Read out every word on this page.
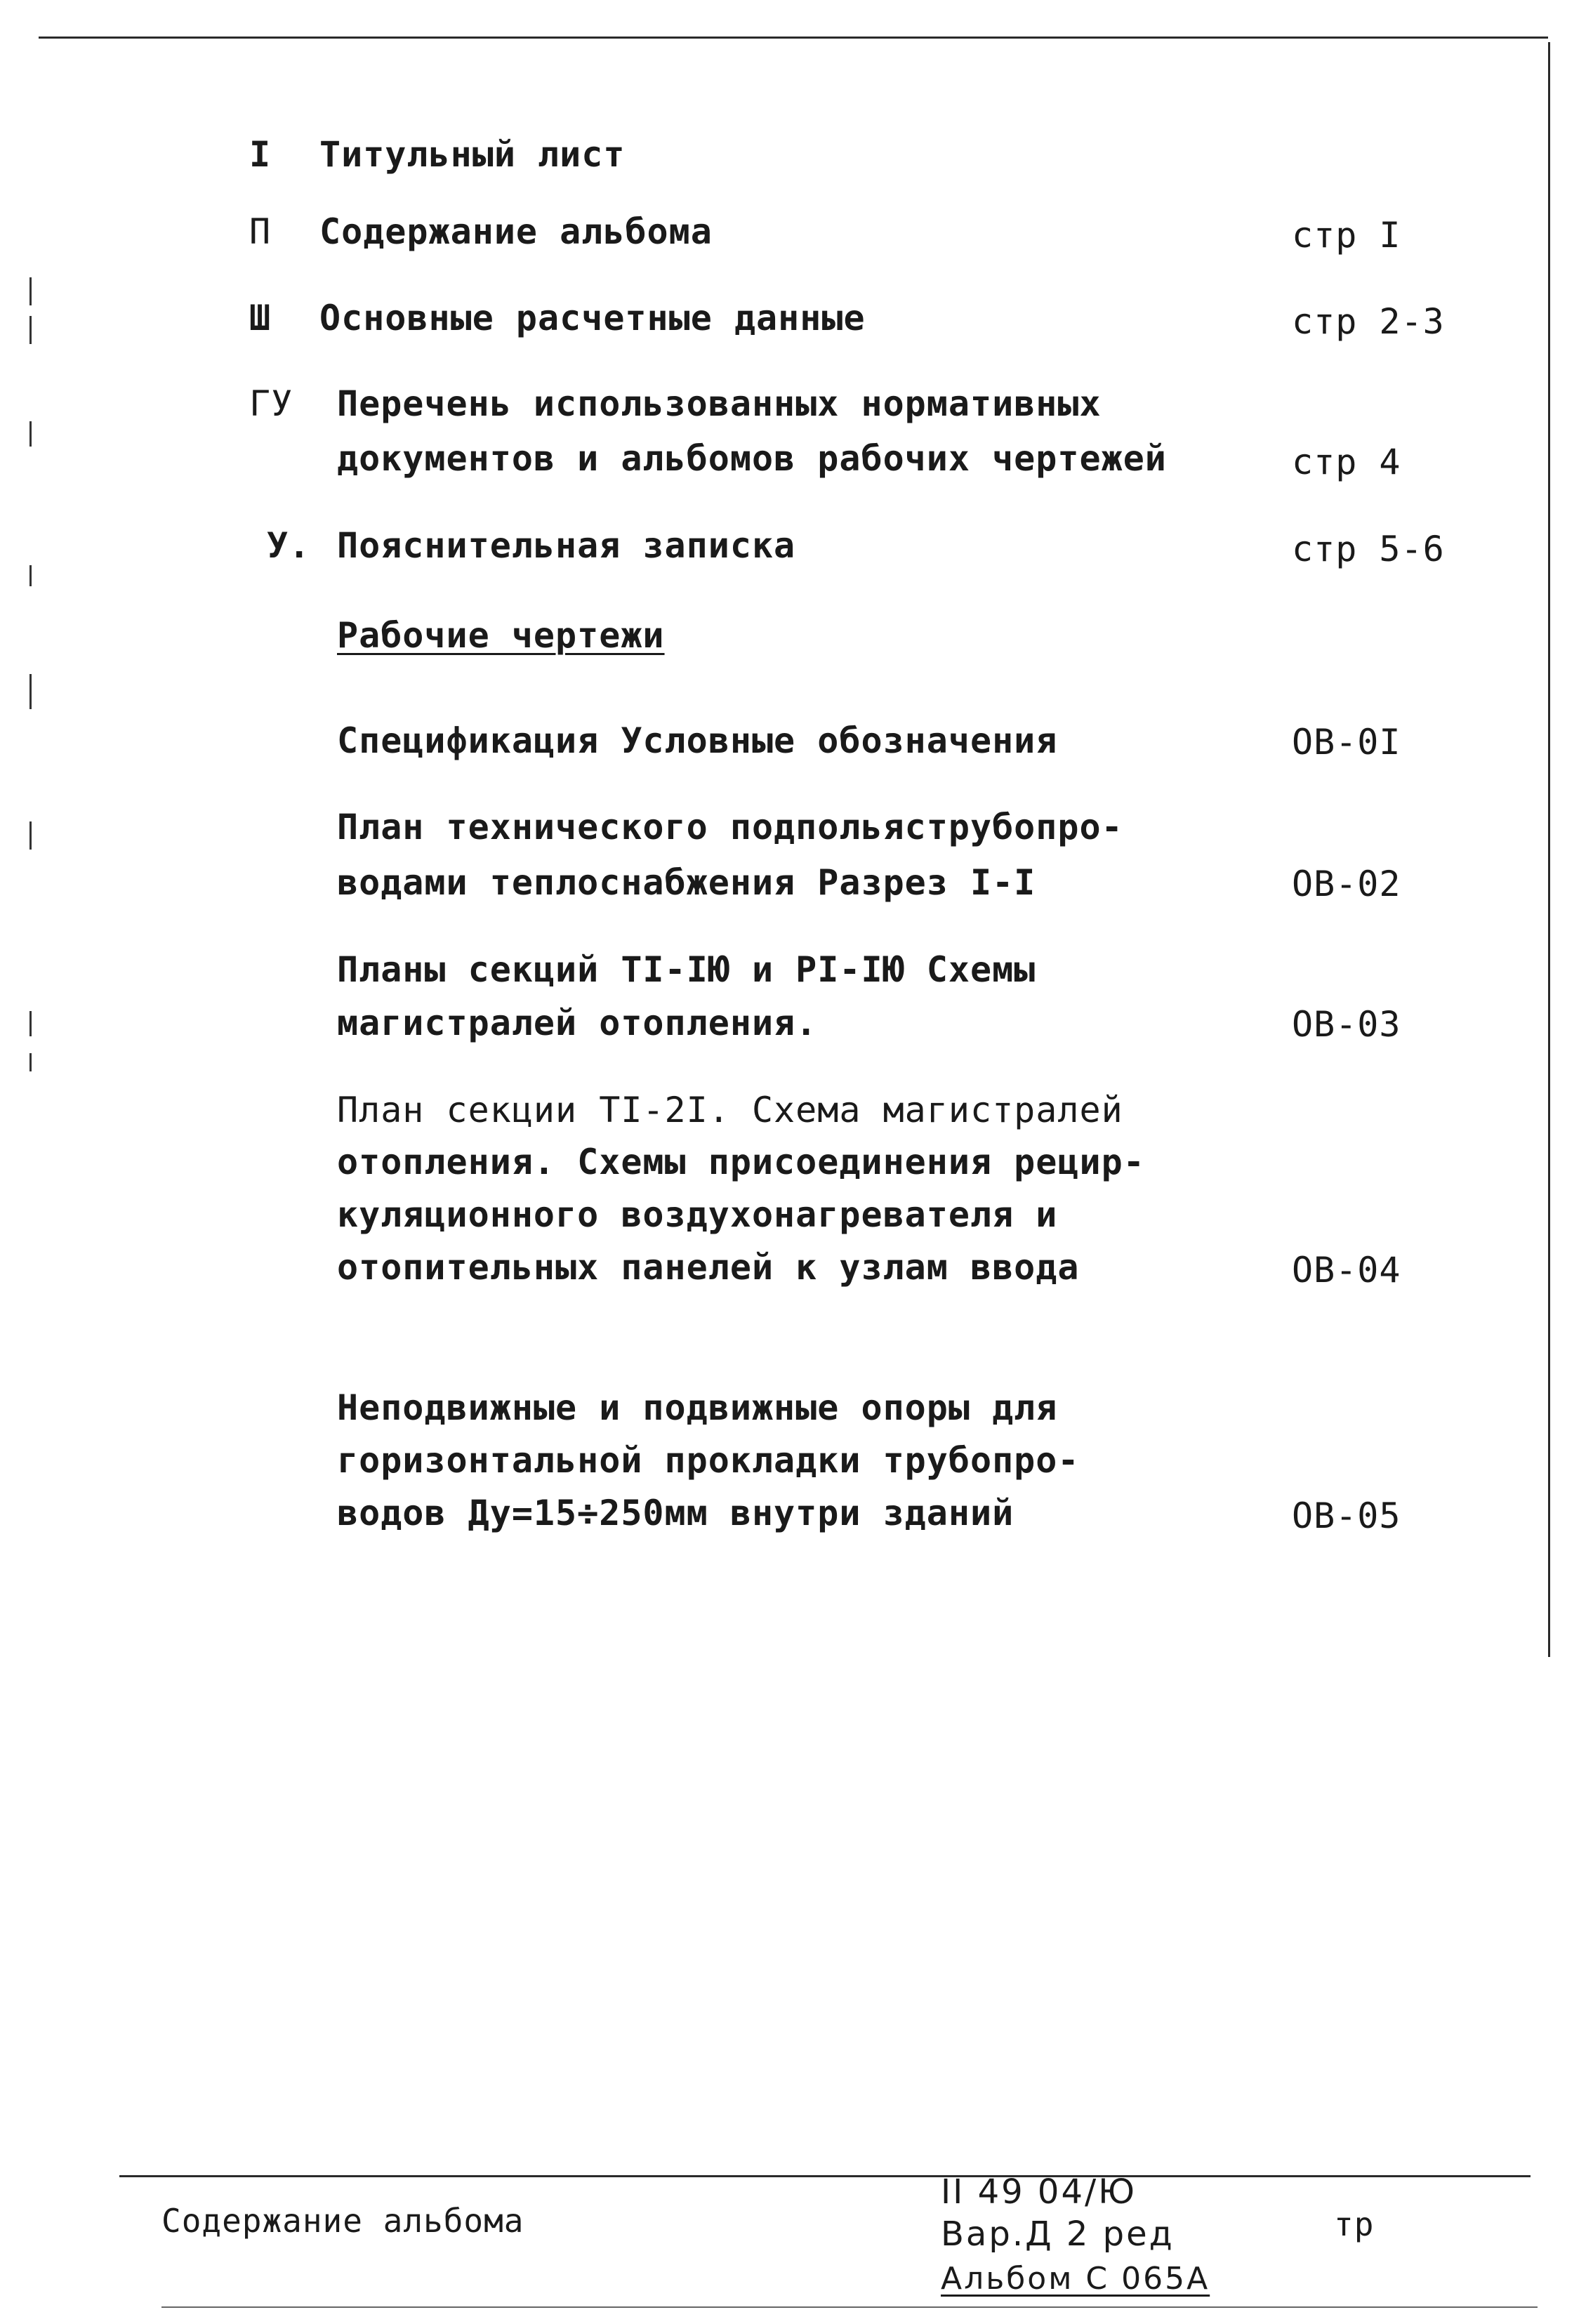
I Титульный лист
П Содержание альбома	стр I
Ш Основные расчетные данные	стр 2-3
ГУ Перечень использованных нормативных
документов и альбомов рабочих чертежей	стр 4
У. Пояснительная записка	стр 5-6
Рабочие чертежи
Спецификация Условные обозначения	ОВ-0I
План технического подпольяструбопро-
водами теплоснабжения Разрез I-I	ОВ-02
Планы секций ТI-IЮ и РI-IЮ Схемы
магистралей отопления.	ОВ-03
План секции ТI-2I. Схема магистралей
отопления. Схемы присоединения рецир-
куляционного воздухонагревателя и
отопительных панелей к узлам ввода	ОВ-04
Неподвижные и подвижные опоры для
горизонтальной прокладки трубопро-
водов Ду=15÷250мм внутри зданий	ОВ-05
Содержание альбома
II 49 04/Ю
Вар.Д 2 ред
Альбом С 065А
тр
